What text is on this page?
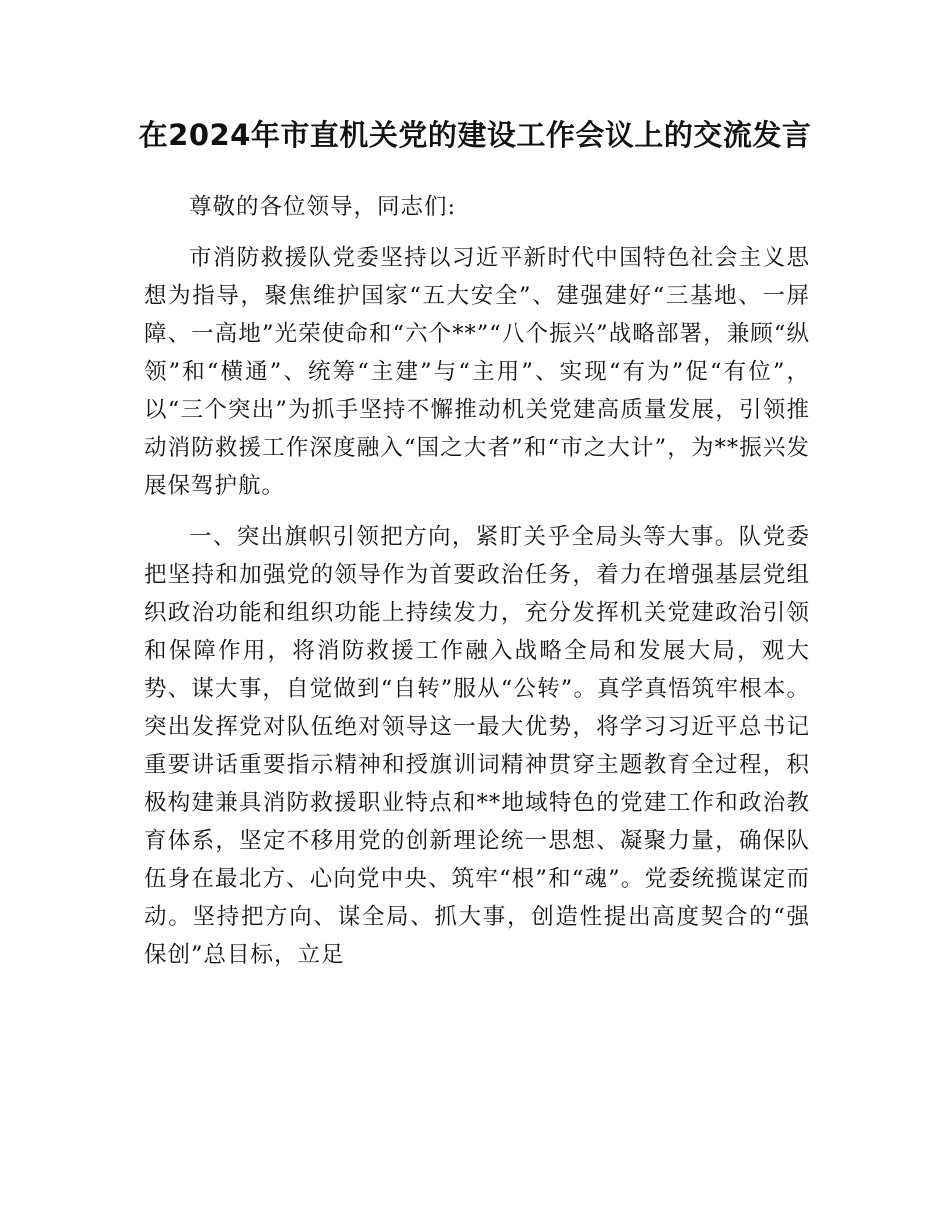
在2024年市直机关党的建设工作会议上的交流发言

尊敬的各位领导，同志们:

市消防救援队党委坚持以习近平新时代中国特色社会主义思想为指导，聚焦维护国家“五大安全”、建强建好“三基地、一屏障、一高地”光荣使命和“六个**”“八个振兴”战略部署，兼顾“纵领”和“横通”、统筹“主建”与“主用”、实现“有为”促“有位”，以“三个突出”为抓手坚持不懈推动机关党建高质量发展，引领推动消防救援工作深度融入“国之大者”和“市之大计”，为**振兴发展保驾护航。

一、突出旗帜引领把方向，紧盯关乎全局头等大事。队党委把坚持和加强党的领导作为首要政治任务，着力在增强基层党组织政治功能和组织功能上持续发力，充分发挥机关党建政治引领和保障作用，将消防救援工作融入战略全局和发展大局，观大势、谋大事，自觉做到“自转”服从“公转”。真学真悟筑牢根本。突出发挥党对队伍绝对领导这一最大优势，将学习习近平总书记重要讲话重要指示精神和授旗训词精神贯穿主题教育全过程，积极构建兼具消防救援职业特点和**地域特色的党建工作和政治教育体系，坚定不移用党的创新理论统一思想、凝聚力量，确保队伍身在最北方、心向党中央、筑牢“根”和“魂”。党委统揽谋定而动。坚持把方向、谋全局、抓大事，创造性提出高度契合的“强保创”总目标，立足
